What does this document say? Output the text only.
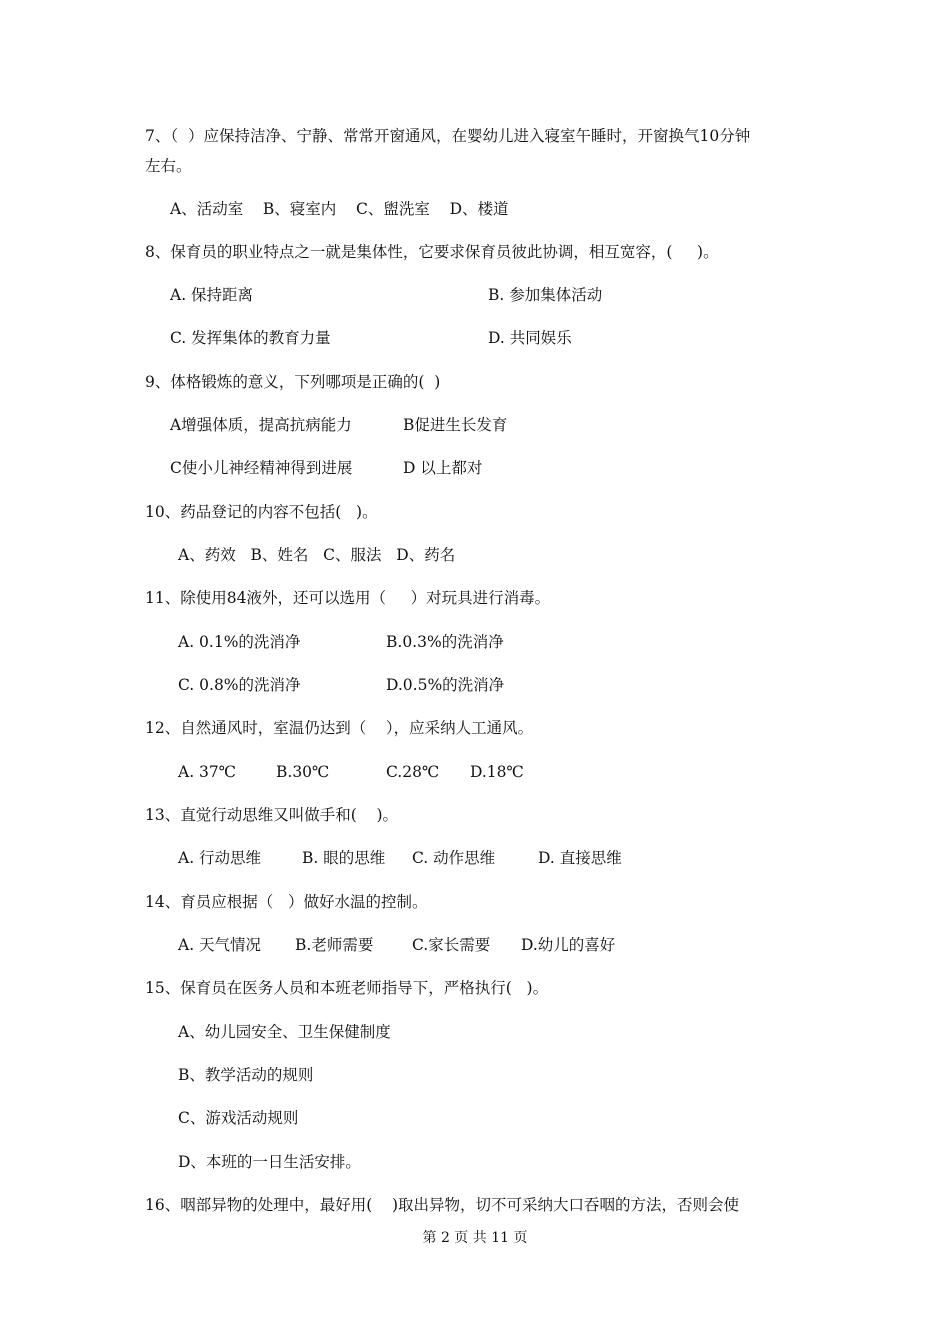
7、（  ）应保持洁净、宁静、常常开窗通风，在婴幼儿进入寝室午睡时，开窗换气10分钟
左右。
A、活动室    B、寝室内    C、盥洗室    D、楼道
8、保育员的职业特点之一就是集体性，它要求保育员彼此协调，相互宽容，(     )。
A. 保持距离	B. 参加集体活动
C. 发挥集体的教育力量	D. 共同娱乐
9、体格锻炼的意义，下列哪项是正确的(  )
A增强体质，提高抗病能力	B促进生长发育
C使小儿神经精神得到进展	D 以上都对
10、药品登记的内容不包括(   )。
A、药效   B、姓名   C、服法   D、药名
11、除使用84液外，还可以选用（     ）对玩具进行消毒。
A. 0.1%的洗消净	B.0.3%的洗消净
C. 0.8%的洗消净	D.0.5%的洗消净
12、自然通风时，室温仍达到（    ），应采纳人工通风。
A. 37℃	B.30℃	C.28℃ D.18℃
13、直觉行动思维又叫做手和(    )。
A. 行动思维	B. 眼的思维 C. 动作思维	D. 直接思维
14、育员应根据（   ）做好水温的控制。
A. 天气情况 B.老师需要 C.家长需要 D.幼儿的喜好
15、保育员在医务人员和本班老师指导下，严格执行(   )。
A、幼儿园安全、卫生保健制度
B、教学活动的规则
C、游戏活动规则
D、本班的一日生活安排。
16、咽部异物的处理中，最好用(    )取出异物，切不可采纳大口吞咽的方法，否则会使
第 2 页 共 11 页
